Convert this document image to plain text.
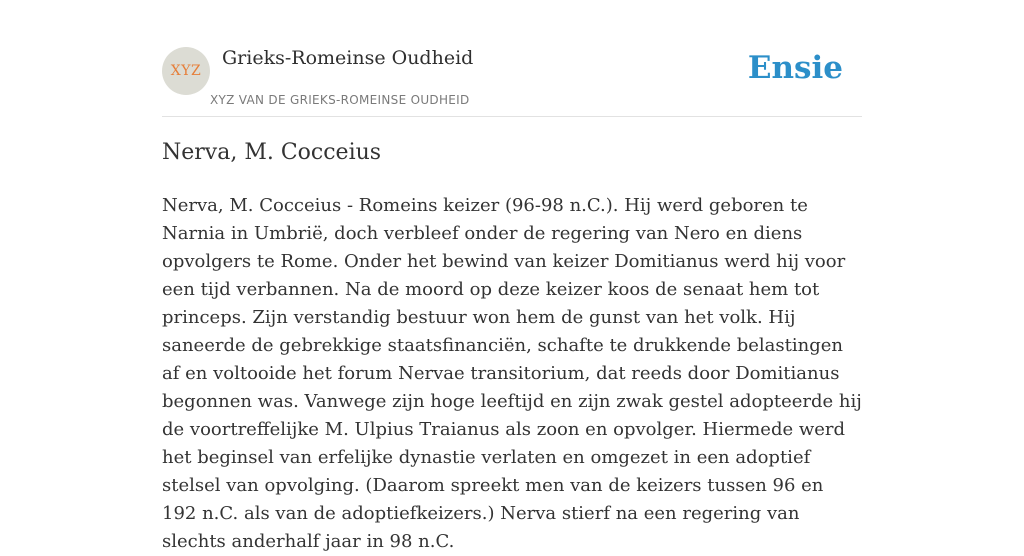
XYZ
Grieks-Romeinse Oudheid
XYZ VAN DE GRIEKS-ROMEINSE OUDHEID
Ensie
Nerva, M. Cocceius

Nerva, M. Cocceius - Romeins keizer (96-98 n.C.). Hij werd geboren te Narnia in Umbrië, doch verbleef onder de regering van Nero en diens opvolgers te Rome. Onder het bewind van keizer Domitianus werd hij voor een tijd verbannen. Na de moord op deze keizer koos de senaat hem tot princeps. Zijn verstandig bestuur won hem de gunst van het volk. Hij saneerde de gebrekkige staatsfinanciën, schafte te drukkende belastingen af en voltooide het forum Nervae transitorium, dat reeds door Domitianus begonnen was. Vanwege zijn hoge leeftijd en zijn zwak gestel adopteerde hij de voortreffelijke M. Ulpius Traianus als zoon en opvolger. Hiermede werd het beginsel van erfelijke dynastie verlaten en omgezet in een adoptief stelsel van opvolging. (Daarom spreekt men van de keizers tussen 96 en 192 n.C. als van de adoptiefkeizers.) Nerva stierf na een regering van slechts anderhalf jaar in 98 n.C.
